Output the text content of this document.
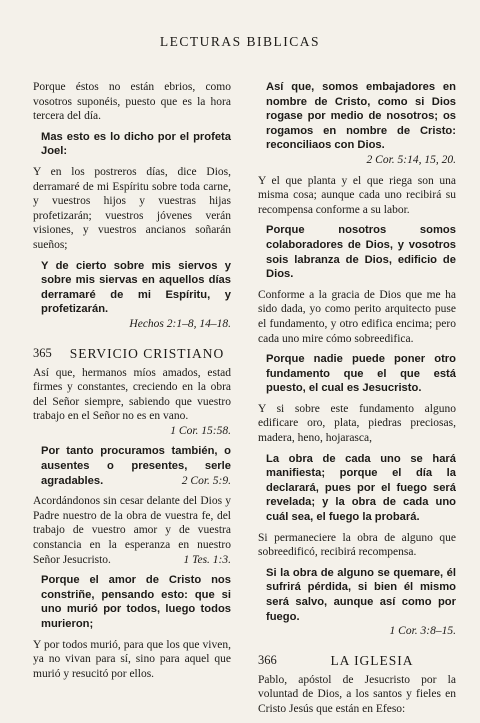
LECTURAS BIBLICAS
Porque éstos no están ebrios, como vosotros suponéis, puesto que es la hora tercera del día.
Mas esto es lo dicho por el profeta Joel:
Y en los postreros días, dice Dios, derramaré de mi Espíritu sobre toda carne, y vuestros hijos y vuestras hijas profetizarán; vuestros jóvenes verán visiones, y vuestros ancianos soñarán sueños;
Y de cierto sobre mis siervos y sobre mis siervas en aquellos días derramaré de mi Espíritu, y profetizarán.
Hechos 2:1–8, 14–18.
365	SERVICIO CRISTIANO
Así que, hermanos míos amados, estad firmes y constantes, creciendo en la obra del Señor siempre, sabiendo que vuestro trabajo en el Señor no es en vano.
1 Cor. 15:58.
Por tanto procuramos también, o ausentes o presentes, serle agradables.	2 Cor. 5:9.
Acordándonos sin cesar delante del Dios y Padre nuestro de la obra de vuestra fe, del trabajo de vuestro amor y de vuestra constancia en la esperanza en nuestro Señor Jesucristo.	1 Tes. 1:3.
Porque el amor de Cristo nos constriñe, pensando esto: que si uno murió por todos, luego todos murieron;
Y por todos murió, para que los que viven, ya no vivan para sí, sino para aquel que murió y resucitó por ellos.
Así que, somos embajadores en nombre de Cristo, como si Dios rogase por medio de nosotros; os rogamos en nombre de Cristo: reconciliaos con Dios.
2 Cor. 5:14, 15, 20.
Y el que planta y el que riega son una misma cosa; aunque cada uno recibirá su recompensa conforme a su labor.
Porque nosotros somos colaboradores de Dios, y vosotros sois labranza de Dios, edificio de Dios.
Conforme a la gracia de Dios que me ha sido dada, yo como perito arquitecto puse el fundamento, y otro edifica encima; pero cada uno mire cómo sobreedifica.
Porque nadie puede poner otro fundamento que el que está puesto, el cual es Jesucristo.
Y si sobre este fundamento alguno edificare oro, plata, piedras preciosas, madera, heno, hojarasca,
La obra de cada uno se hará manifiesta; porque el día la declarará, pues por el fuego será revelada; y la obra de cada uno cuál sea, el fuego la probará.
Si permaneciere la obra de alguno que sobreedificó, recibirá recompensa.
Si la obra de alguno se quemare, él sufrirá pérdida, si bien él mismo será salvo, aunque así como por fuego.
1 Cor. 3:8–15.
366	LA IGLESIA
Pablo, apóstol de Jesucristo por la voluntad de Dios, a los santos y fieles en Cristo Jesús que están en Efeso:
